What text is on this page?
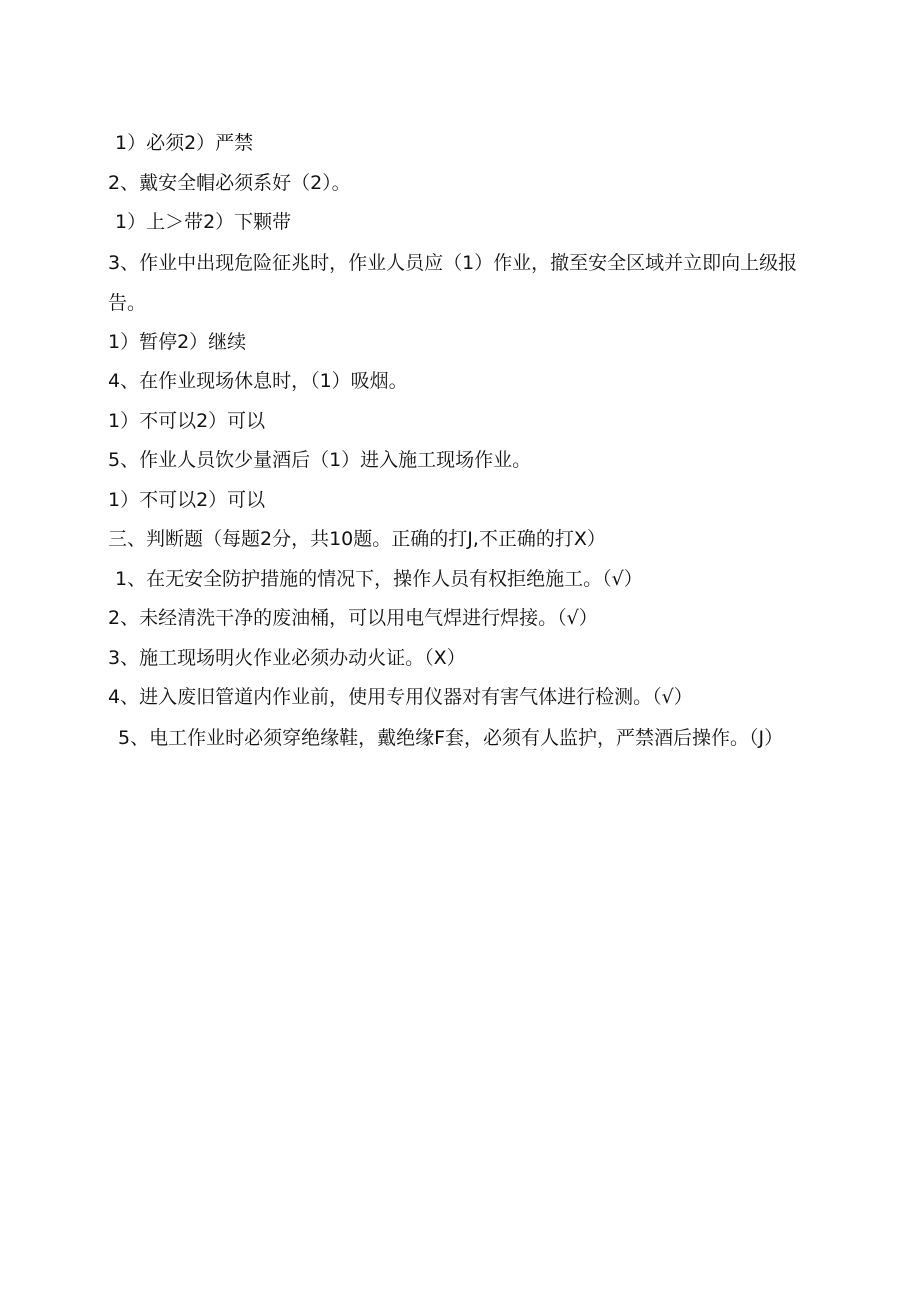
1）必须2）严禁

2、戴安全帽必须系好（2）。

1）上＞带2）下颗带

3、作业中出现危险征兆时，作业人员应（1）作业，撤至安全区域并立即向上级报告。

1）暂停2）继续

4、在作业现场休息时，（1）吸烟。

1）不可以2）可以

5、作业人员饮少量酒后（1）进入施工现场作业。

1）不可以2）可以

三、判断题（每题2分，共10题。正确的打J,不正确的打X）

1、在无安全防护措施的情况下，操作人员有权拒绝施工。（√）

2、未经清洗干净的废油桶，可以用电气焊进行焊接。（√）

3、施工现场明火作业必须办动火证。（X）

4、进入废旧管道内作业前，使用专用仪器对有害气体进行检测。（√）

5、电工作业时必须穿绝缘鞋，戴绝缘F套，必须有人监护，严禁酒后操作。（J）
